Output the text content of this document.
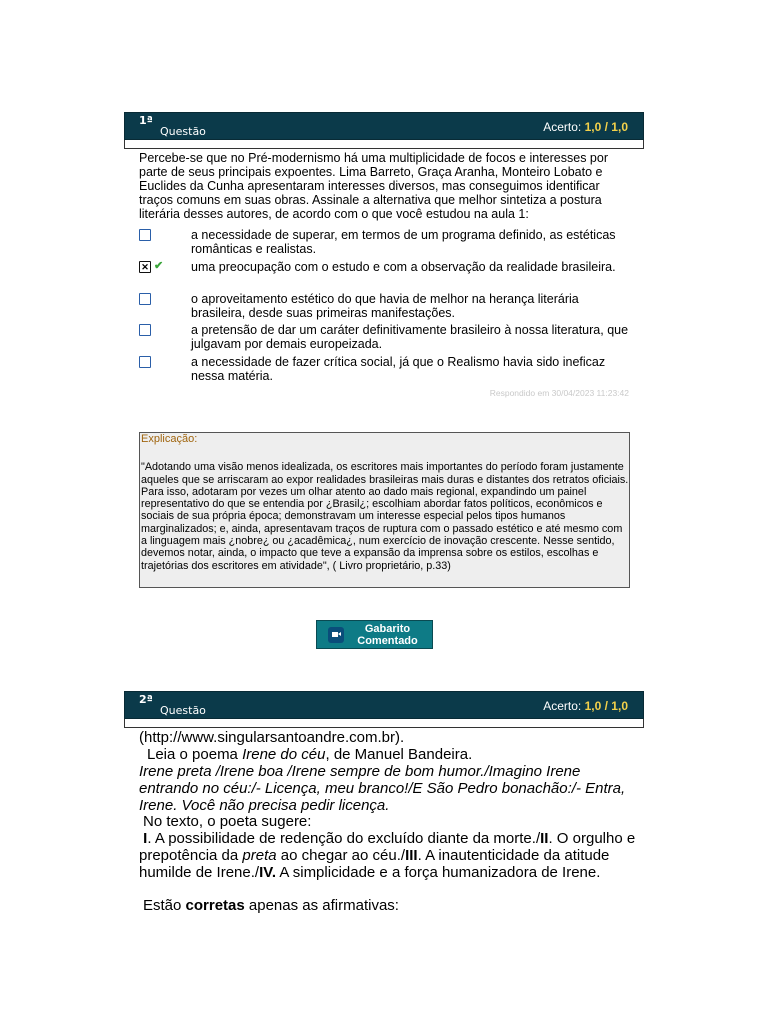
1ª
Questão	Acerto: 1,0 / 1,0
Percebe-se que no Pré-modernismo há uma multiplicidade de focos e interesses por parte de seus principais expoentes. Lima Barreto, Graça Aranha, Monteiro Lobato e Euclides da Cunha apresentaram interesses diversos, mas conseguimos identificar traços comuns em suas obras. Assinale a alternativa que melhor sintetiza a postura literária desses autores, de acordo com o que você estudou na aula 1:
a necessidade de superar, em termos de um programa definido, as estéticas românticas e realistas.
✕ ✔ uma preocupação com o estudo e com a observação da realidade brasileira.
o aproveitamento estético do que havia de melhor na herança literária brasileira, desde suas primeiras manifestações.
a pretensão de dar um caráter definitivamente brasileiro à nossa literatura, que julgavam por demais europeizada.
a necessidade de fazer crítica social, já que o Realismo havia sido ineficaz nessa matéria.
Respondido em 30/04/2023 11:23:42
Explicação:
"Adotando uma visão menos idealizada, os escritores mais importantes do período foram justamente aqueles que se arriscaram ao expor realidades brasileiras mais duras e distantes dos retratos oficiais. Para isso, adotaram por vezes um olhar atento ao dado mais regional, expandindo um painel representativo do que se entendia por ¿Brasil¿; escolhiam abordar fatos políticos, econômicos e sociais de sua própria época; demonstravam um interesse especial pelos tipos humanos marginalizados; e, ainda, apresentavam traços de ruptura com o passado estético e até mesmo com a linguagem mais ¿nobre¿ ou ¿acadêmica¿, num exercício de inovação crescente. Nesse sentido, devemos notar, ainda, o impacto que teve a expansão da imprensa sobre os estilos, escolhas e trajetórias dos escritores em atividade", ( Livro proprietário, p.33)
Gabarito
Comentado
2ª
Questão	Acerto: 1,0 / 1,0
(http://www.singularsantoandre.com.br).
Leia o poema Irene do céu, de Manuel Bandeira.
Irene preta /Irene boa /Irene sempre de bom humor./Imagino Irene entrando no céu:/- Licença, meu branco!/E São Pedro bonachão:/- Entra, Irene. Você não precisa pedir licença.
No texto, o poeta sugere:
I. A possibilidade de redenção do excluído diante da morte./II. O orgulho e prepotência da preta ao chegar ao céu./III. A inautenticidade da atitude humilde de Irene./IV. A simplicidade e a força humanizadora de Irene.
Estão corretas apenas as afirmativas:
